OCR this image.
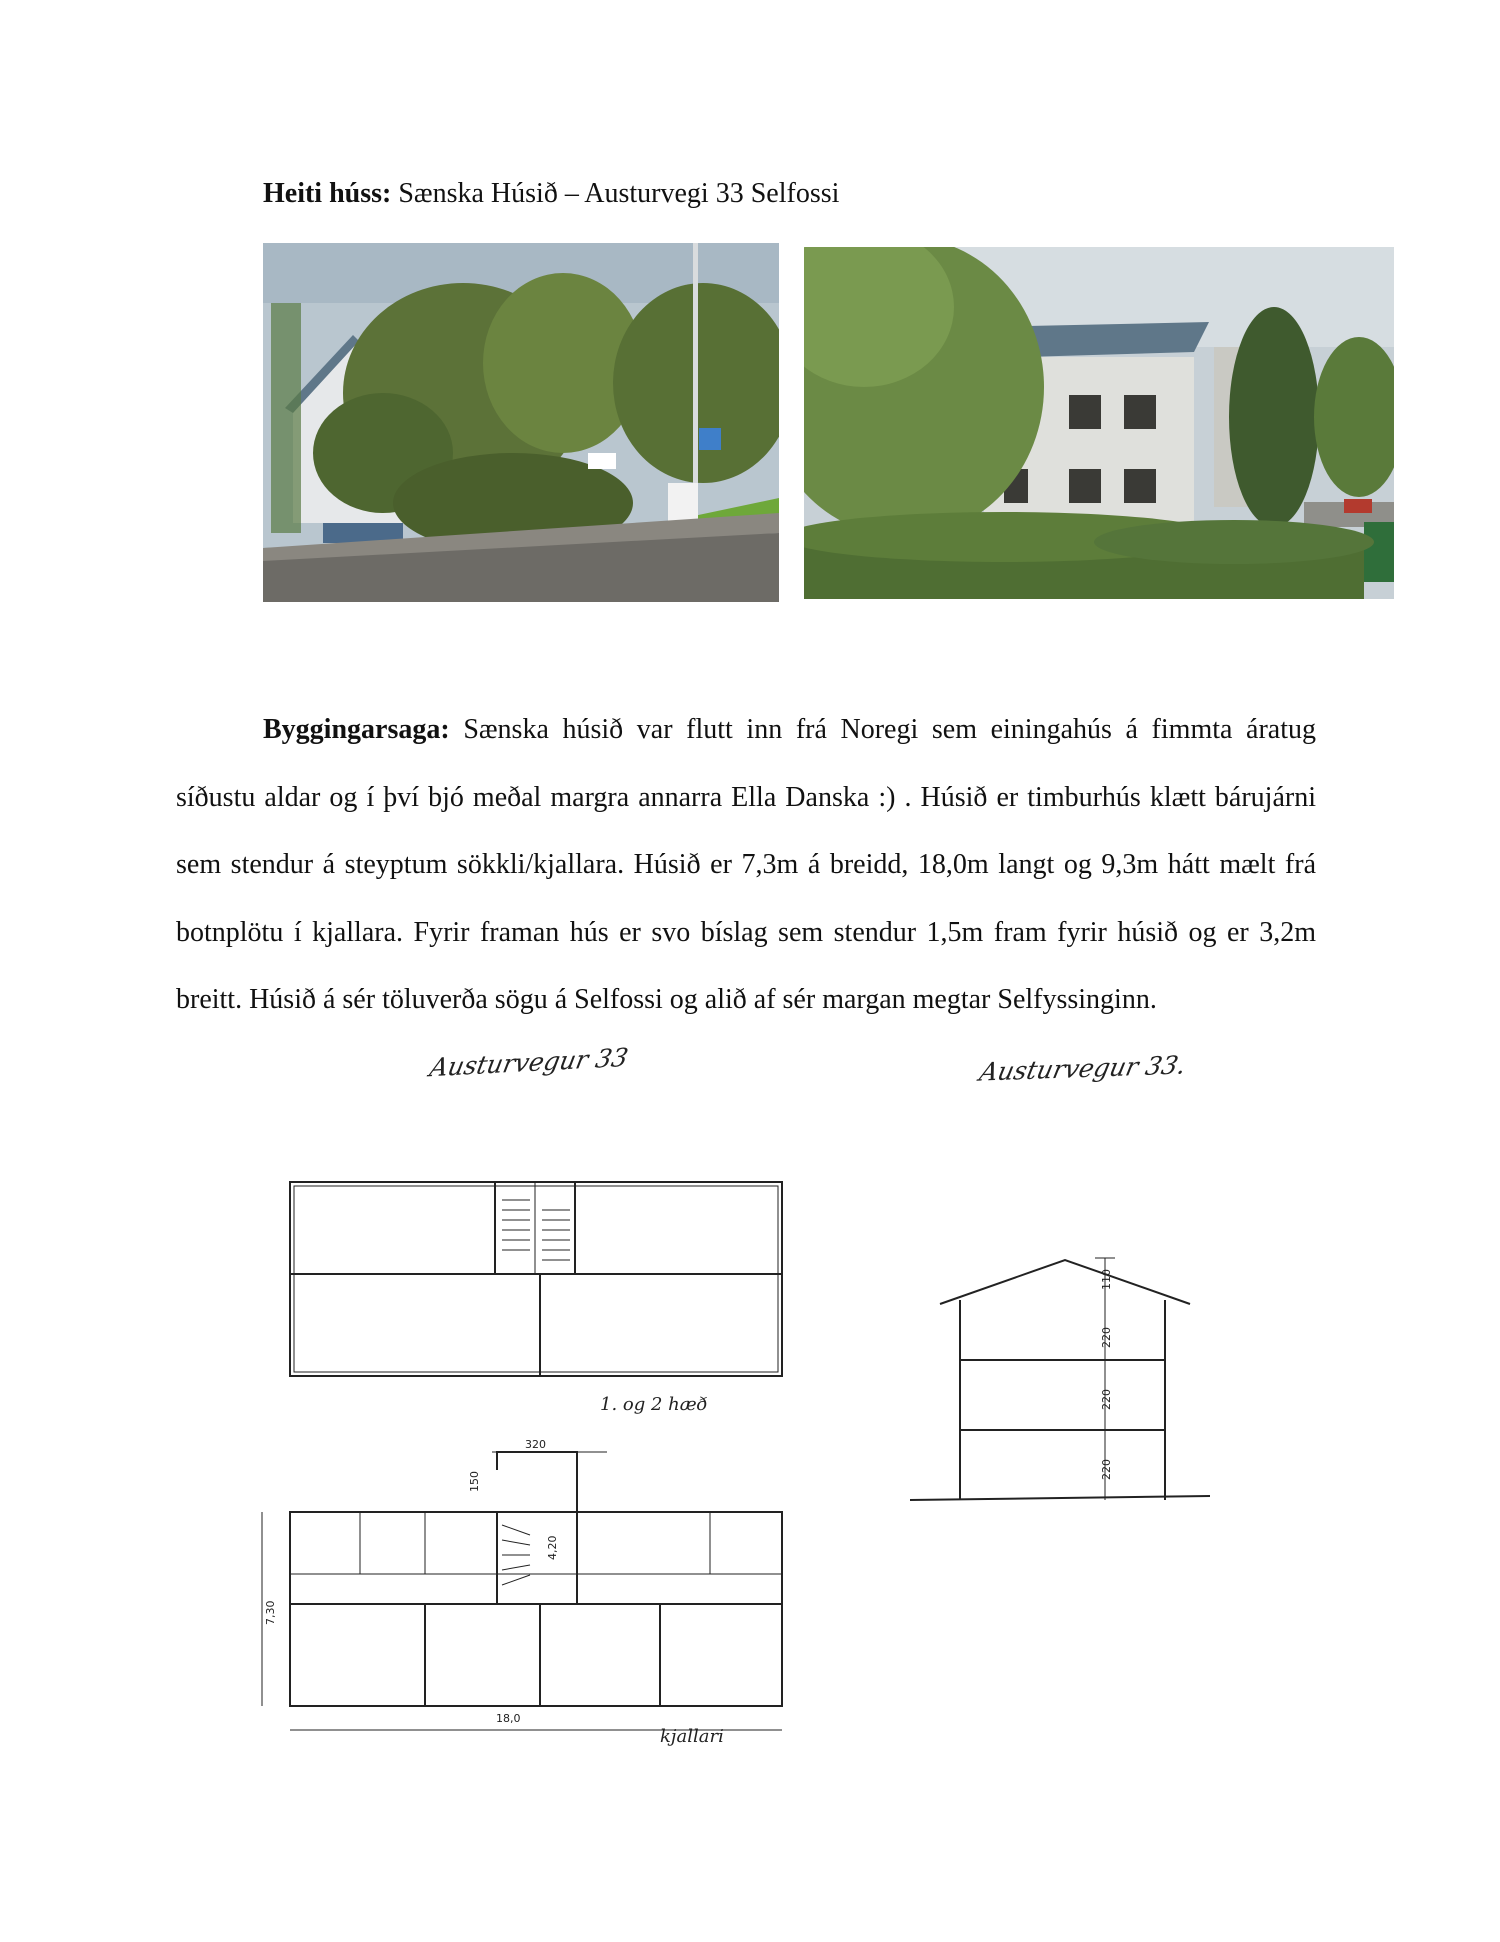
Heiti húss: Sænska Húsið – Austurvegi 33 Selfossi
Byggingarsaga: Sænska húsið var flutt inn frá Noregi sem einingahús á fimmta áratug
síðustu aldar og í því bjó meðal margra annarra Ella Danska :) . Húsið er timburhús klætt bárujárni
sem stendur á steyptum sökkli/kjallara. Húsið er 7,3m á breidd, 18,0m langt og 9,3m hátt mælt frá
botnplötu í kjallara. Fyrir framan hús er svo bíslag sem stendur 1,5m fram fyrir húsið og er 3,2m
breitt. Húsið á sér töluverða sögu á Selfossi og alið af sér margan megtar Selfyssinginn.
Austurvegur 33	Austurvegur 33.
1. og 2 hæð
320
150
4,20
7,30
18,0
kjallari
110
220
220
220
